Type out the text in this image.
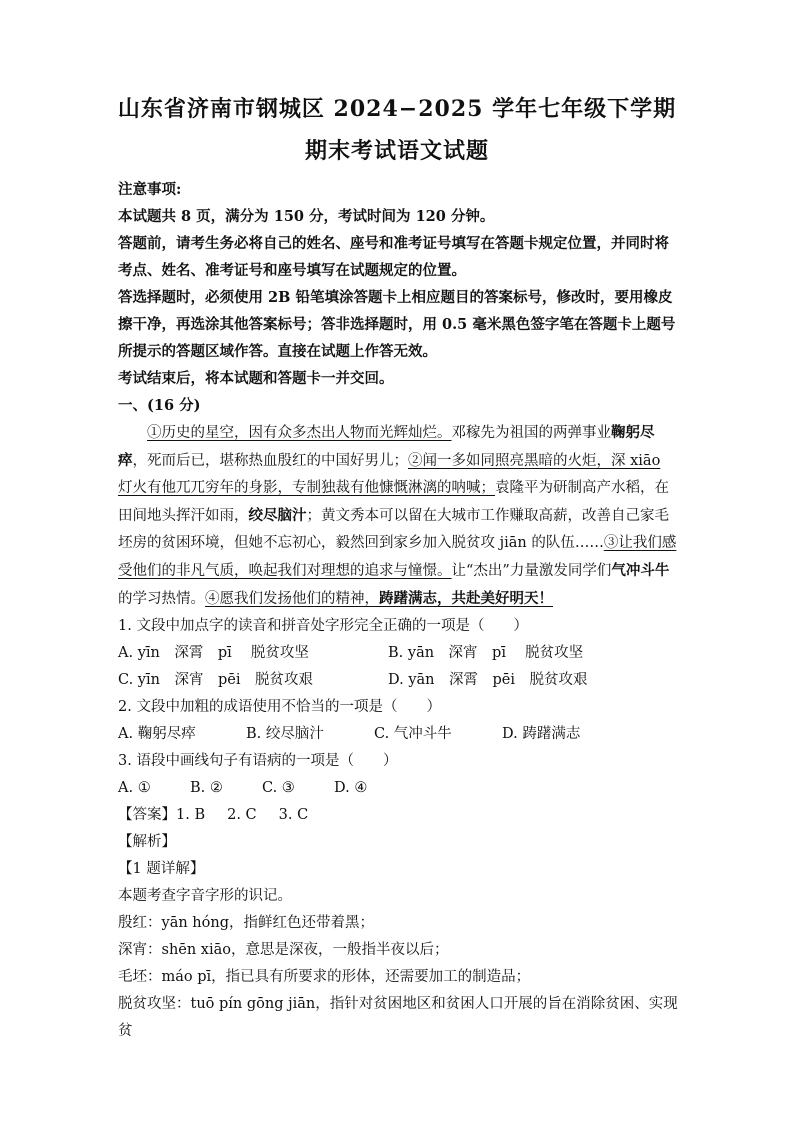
山东省济南市钢城区 2024−2025 学年七年级下学期
期末考试语文试题

注意事项:

本试题共 8 页，满分为 150 分，考试时间为 120 分钟。

答题前，请考生务必将自己的姓名、座号和准考证号填写在答题卡规定位置，并同时将考点、姓名、准考证号和座号填写在试题规定的位置。

答选择题时，必须使用 2B 铅笔填涂答题卡上相应题目的答案标号，修改时，要用橡皮擦干净，再选涂其他答案标号；答非选择题时，用 0.5 毫米黑色签字笔在答题卡上题号所提示的答题区域作答。直接在试题上作答无效。

考试结束后，将本试题和答题卡一并交回。

一、(16 分)

①历史的星空，因有众多杰出人物而光辉灿烂。邓稼先为祖国的两弹事业鞠躬尽瘁，死而后已，堪称热血殷红的中国好男儿；②闻一多如同照亮黑暗的火炬，深 xiāo 灯火有他兀兀穷年的身影，专制独裁有他慷慨淋漓的呐喊；袁隆平为研制高产水稻，在田间地头挥汗如雨，绞尽脑汁；黄文秀本可以留在大城市工作赚取高薪，改善自己家毛坯房的贫困环境，但她不忘初心，毅然回到家乡加入脱贫攻 jiān 的队伍……③让我们感受他们的非凡气质，唤起我们对理想的追求与憧憬。让“杰出”力量激发同学们气冲斗牛的学习热情。④愿我们发扬他们的精神，踌躇满志，共赴美好明天！

1. 文段中加点字的读音和拼音处字形完全正确的一项是（　　）

A. yīn　深霄　pī　 脱贫攻坚	B. yān　深宵　pī　 脱贫攻坚
C. yīn　深宵　pēi　脱贫攻艰	D. yān　深霄　pēi　脱贫攻艰

2. 文段中加粗的成语使用不恰当的一项是（　　）

A. 鞠躬尽瘁	B. 绞尽脑汁	C. 气冲斗牛	D. 踌躇满志

3. 语段中画线句子有语病的一项是（　　）

A. ①	B. ②	C. ③	D. ④

【答案】1. B 2. C 3. C

【解析】

【1 题详解】

本题考查字音字形的识记。

殷红：yān hóng，指鲜红色还带着黑；

深宵：shēn xiāo，意思是深夜，一般指半夜以后；

毛坯：máo pī，指已具有所要求的形体，还需要加工的制造品；

脱贫攻坚：tuō pín gōng jiān，指针对贫困地区和贫困人口开展的旨在消除贫困、实现贫
